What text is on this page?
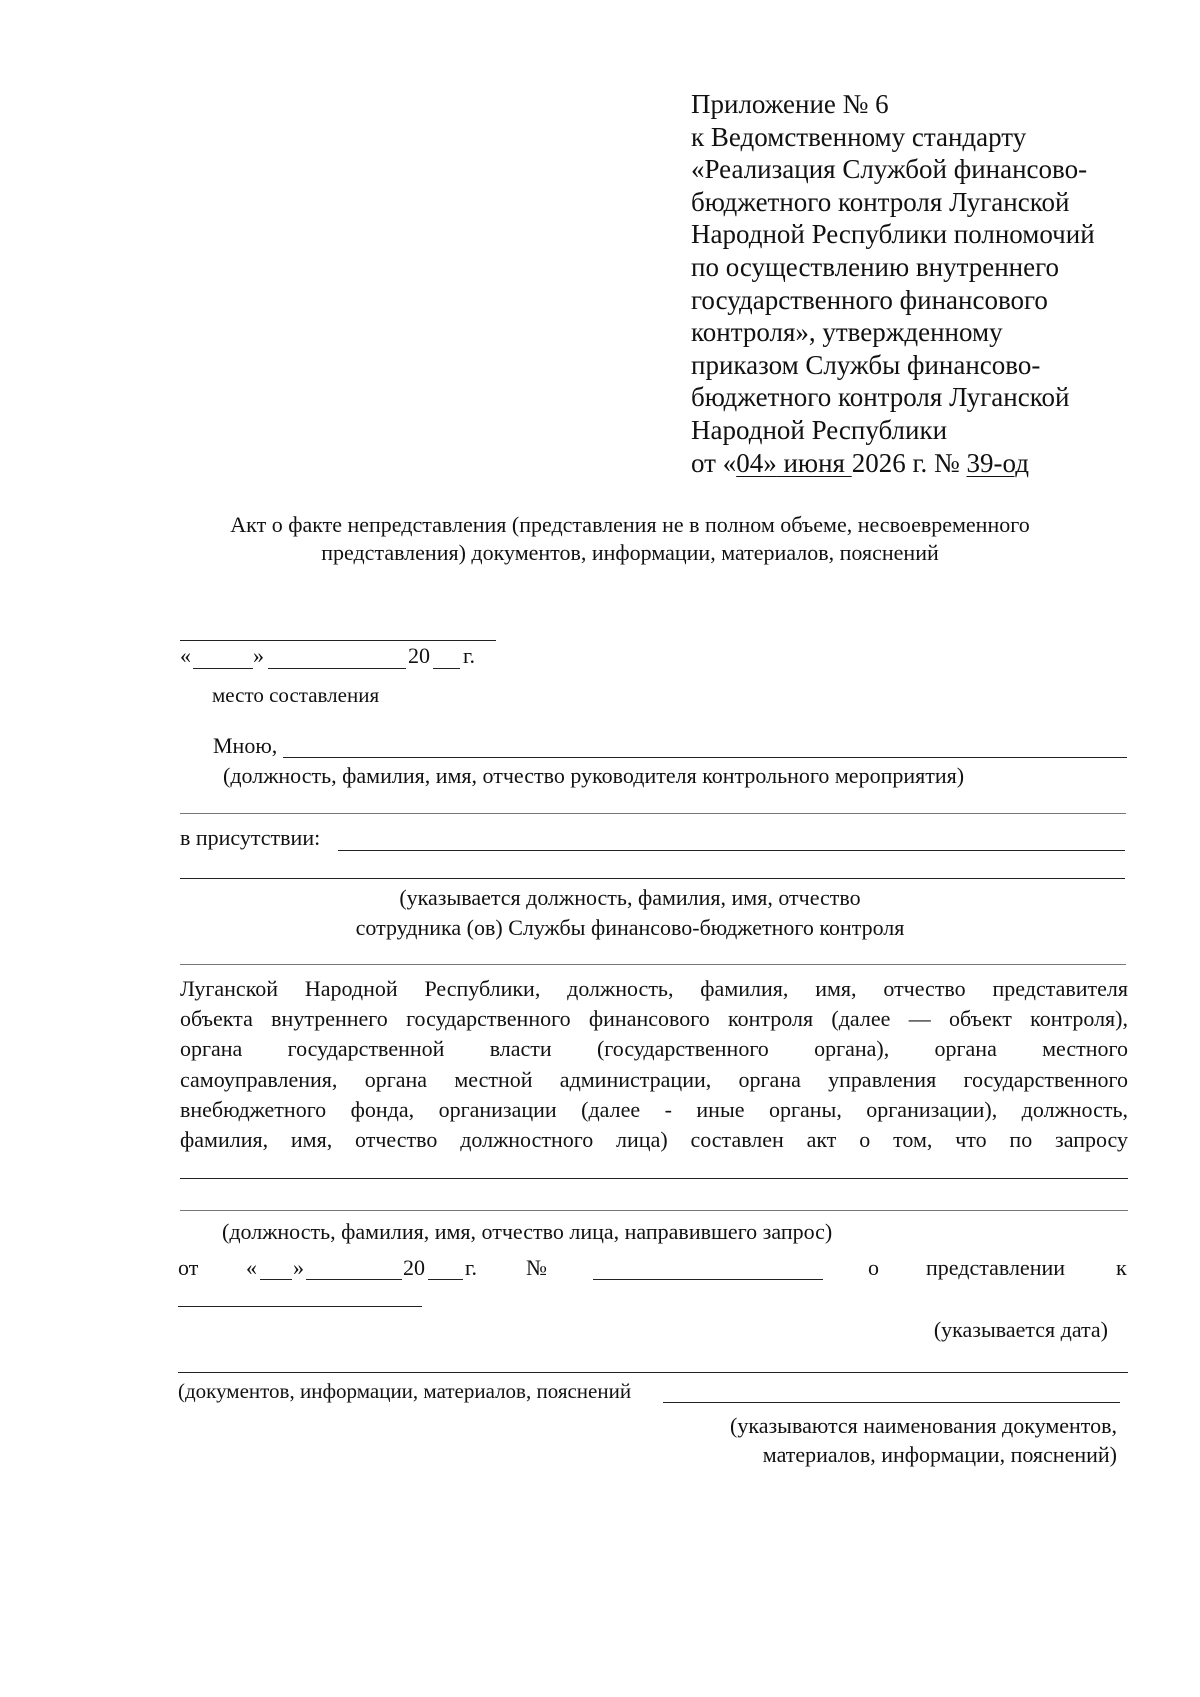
Приложение № 6
к Ведомственному стандарту
«Реализация Службой финансово-
бюджетного контроля Луганской
Народной Республики полномочий
по осуществлению внутреннего
государственного финансового
контроля», утвержденному
приказом Службы финансово-
бюджетного контроля Луганской
Народной Республики
от «04» июня 2026 г. № 39-од
Акт о факте непредставления (представления не в полном объеме, несвоевременного
представления) документов, информации, материалов, пояснений
«	»	20 г.
место составления
Мною,
(должность, фамилия, имя, отчество руководителя контрольного мероприятия)
в присутствии:
(указывается должность, фамилия, имя, отчество
сотрудника (ов) Службы финансово-бюджетного контроля
Луганской Народной Республики, должность, фамилия, имя, отчество представителя
объекта внутреннего государственного финансового контроля (далее — объект контроля),
органа государственной власти (государственного органа), органа местного
самоуправления, органа местной администрации, органа управления государственного
внебюджетного фонда, организации (далее - иные органы, организации), должность,
фамилия, имя, отчество должностного лица) составлен акт о том, что по запросу
(должность, фамилия, имя, отчество лица, направившего запрос)
от « »	20 г. №	о представлении к
(указывается дата)
(документов, информации, материалов, пояснений
(указываются наименования документов,
материалов, информации, пояснений)
